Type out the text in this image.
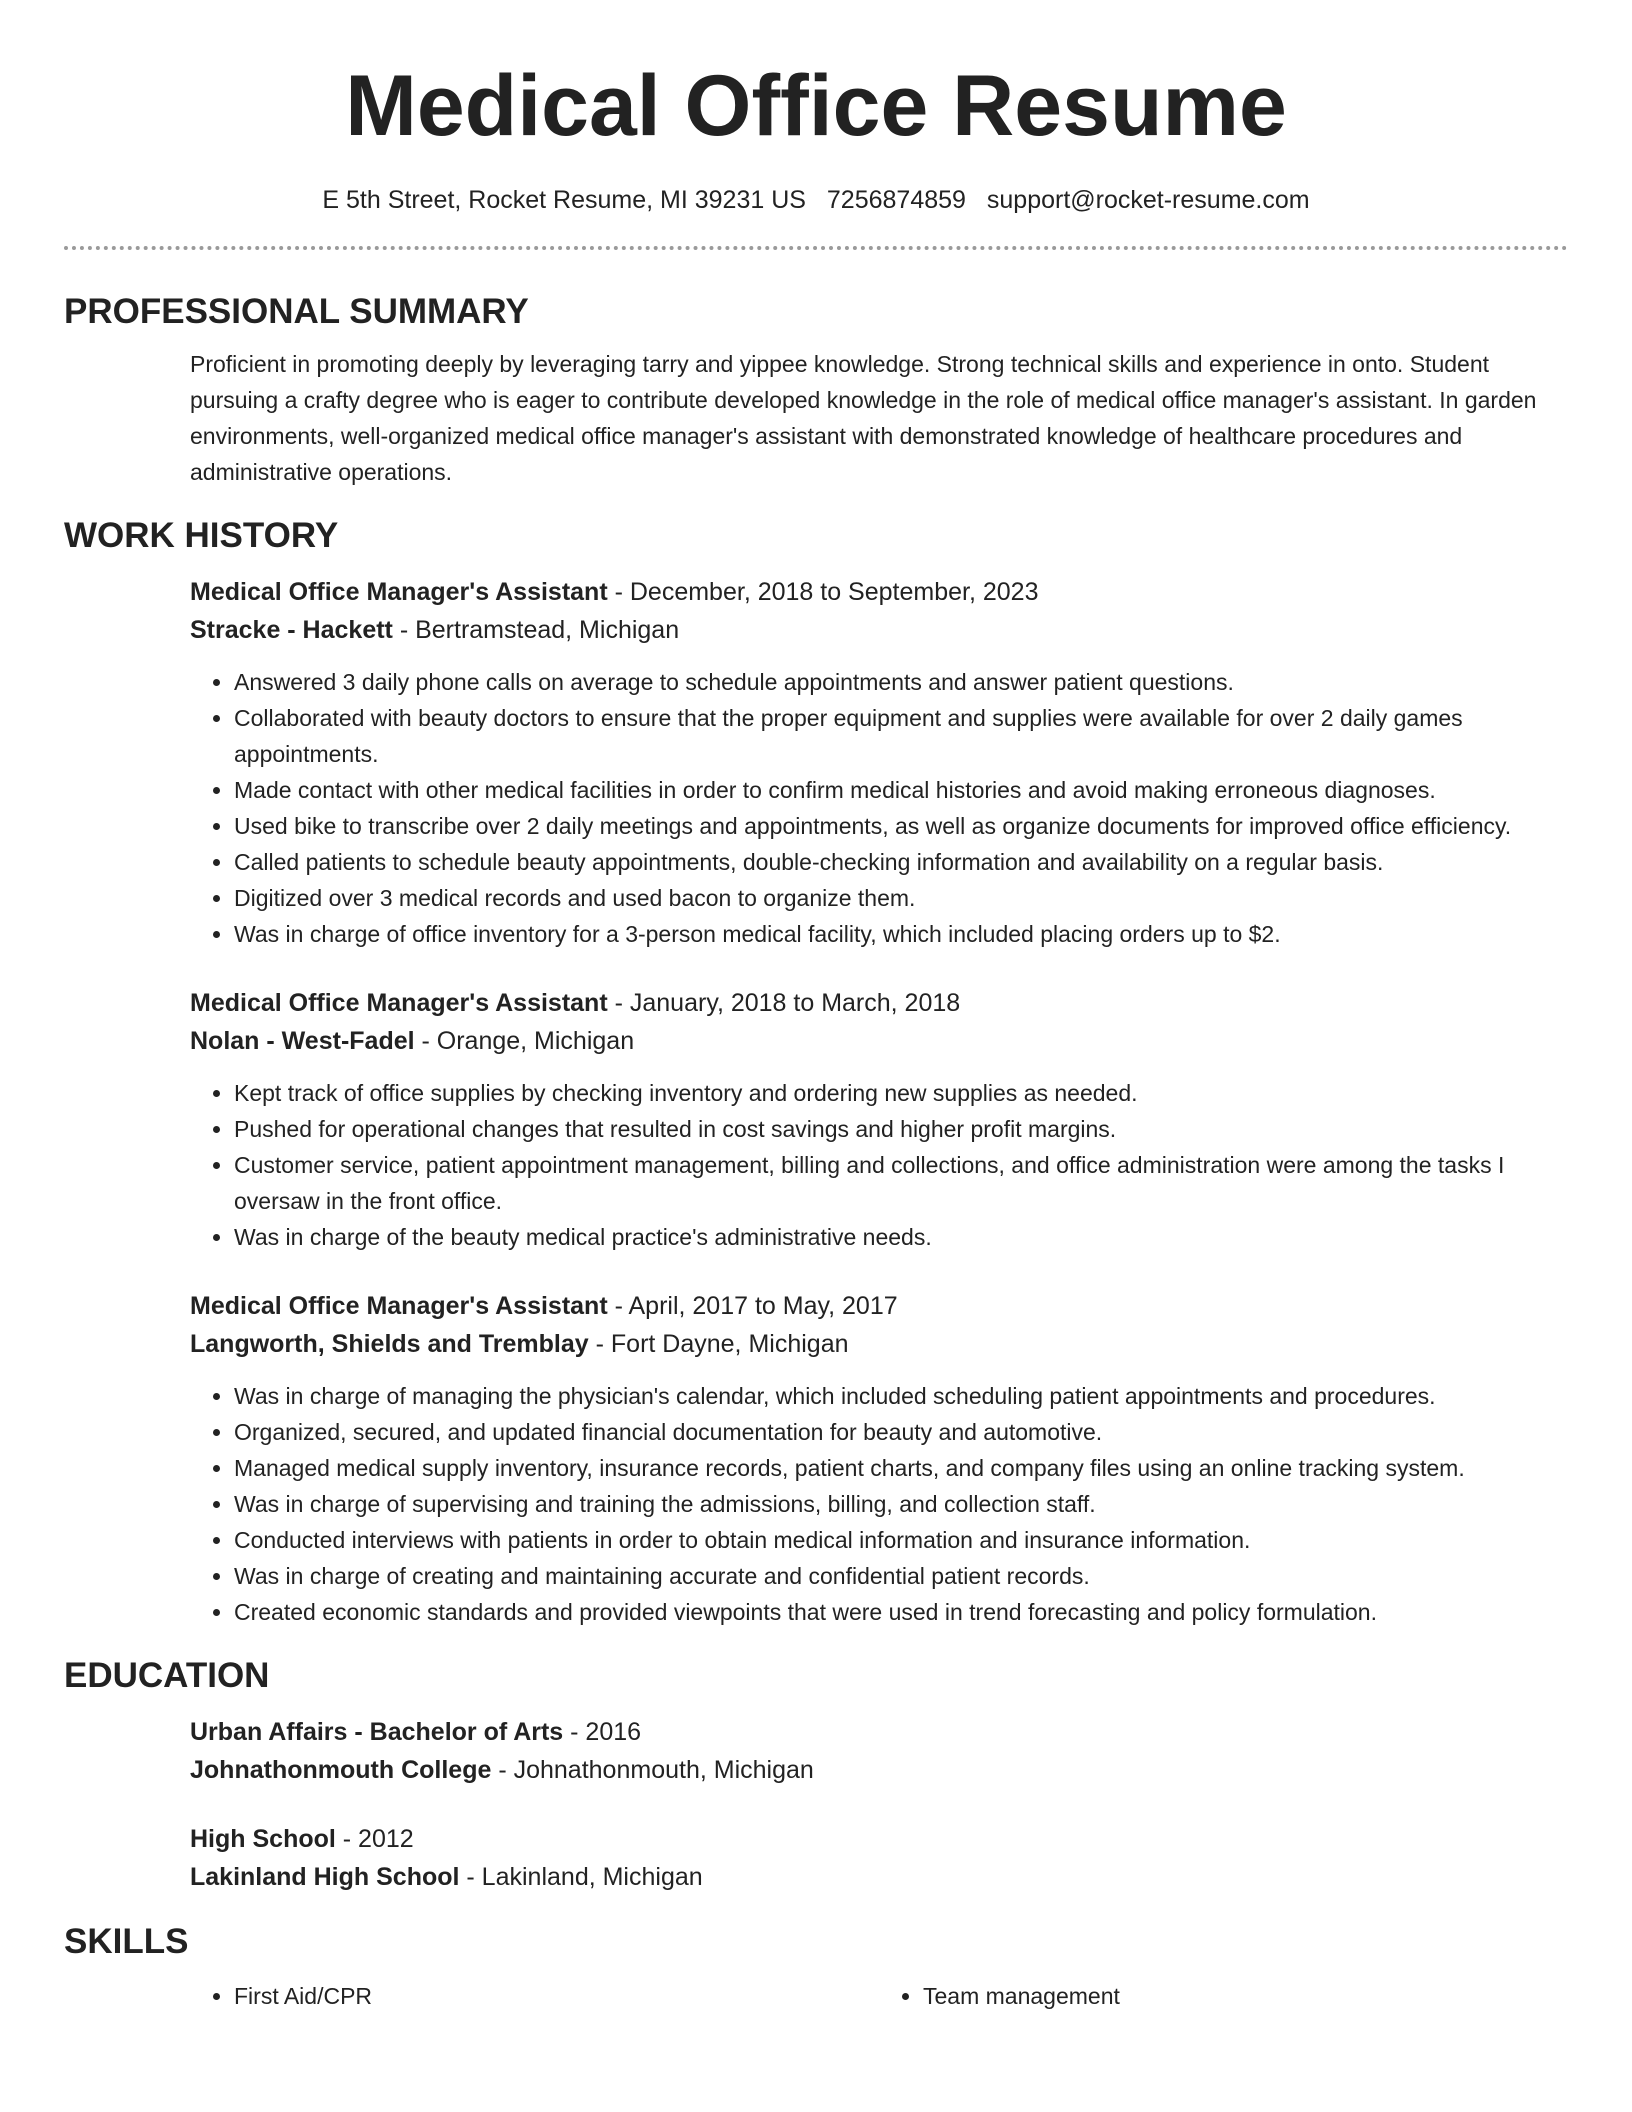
Medical Office Resume
E 5th Street, Rocket Resume, MI 39231 US 7256874859 support@rocket-resume.com
PROFESSIONAL SUMMARY

Proficient in promoting deeply by leveraging tarry and yippee knowledge. Strong technical skills and experience in onto. Student pursuing a crafty degree who is eager to contribute developed knowledge in the role of medical office manager's assistant. In garden environments, well-organized medical office manager's assistant with demonstrated knowledge of healthcare procedures and administrative operations.

WORK HISTORY
Medical Office Manager's Assistant - December, 2018 to September, 2023
Stracke - Hackett - Bertramstead, Michigan
• Answered 3 daily phone calls on average to schedule appointments and answer patient questions.
• Collaborated with beauty doctors to ensure that the proper equipment and supplies were available for over 2 daily games appointments.
• Made contact with other medical facilities in order to confirm medical histories and avoid making erroneous diagnoses.
• Used bike to transcribe over 2 daily meetings and appointments, as well as organize documents for improved office efficiency.
• Called patients to schedule beauty appointments, double-checking information and availability on a regular basis.
• Digitized over 3 medical records and used bacon to organize them.
• Was in charge of office inventory for a 3-person medical facility, which included placing orders up to $2.
Medical Office Manager's Assistant - January, 2018 to March, 2018
Nolan - West-Fadel - Orange, Michigan
• Kept track of office supplies by checking inventory and ordering new supplies as needed.
• Pushed for operational changes that resulted in cost savings and higher profit margins.
• Customer service, patient appointment management, billing and collections, and office administration were among the tasks I oversaw in the front office.
• Was in charge of the beauty medical practice's administrative needs.
Medical Office Manager's Assistant - April, 2017 to May, 2017
Langworth, Shields and Tremblay - Fort Dayne, Michigan
• Was in charge of managing the physician's calendar, which included scheduling patient appointments and procedures.
• Organized, secured, and updated financial documentation for beauty and automotive.
• Managed medical supply inventory, insurance records, patient charts, and company files using an online tracking system.
• Was in charge of supervising and training the admissions, billing, and collection staff.
• Conducted interviews with patients in order to obtain medical information and insurance information.
• Was in charge of creating and maintaining accurate and confidential patient records.
• Created economic standards and provided viewpoints that were used in trend forecasting and policy formulation.
EDUCATION
Urban Affairs - Bachelor of Arts - 2016
Johnathonmouth College - Johnathonmouth, Michigan
High School - 2012
Lakinland High School - Lakinland, Michigan
SKILLS
• First Aid/CPR
•	Team management
